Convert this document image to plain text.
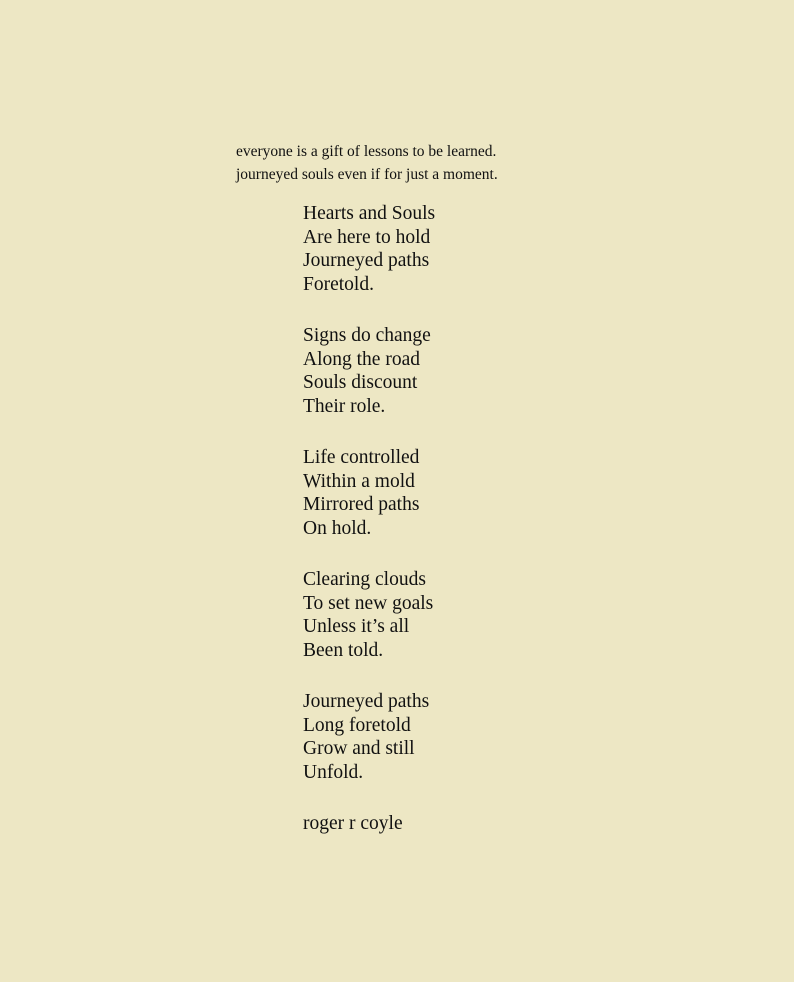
everyone is a gift of lessons to be learned.
journeyed souls even if for just a moment.
Hearts and Souls
Are here to hold
Journeyed paths
Foretold.
Signs do change
Along the road
Souls discount
Their role.
Life controlled
Within a mold
Mirrored paths
On hold.
Clearing clouds
To set new goals
Unless it’s all
Been told.
Journeyed paths
Long foretold
Grow and still
Unfold.
roger r coyle
